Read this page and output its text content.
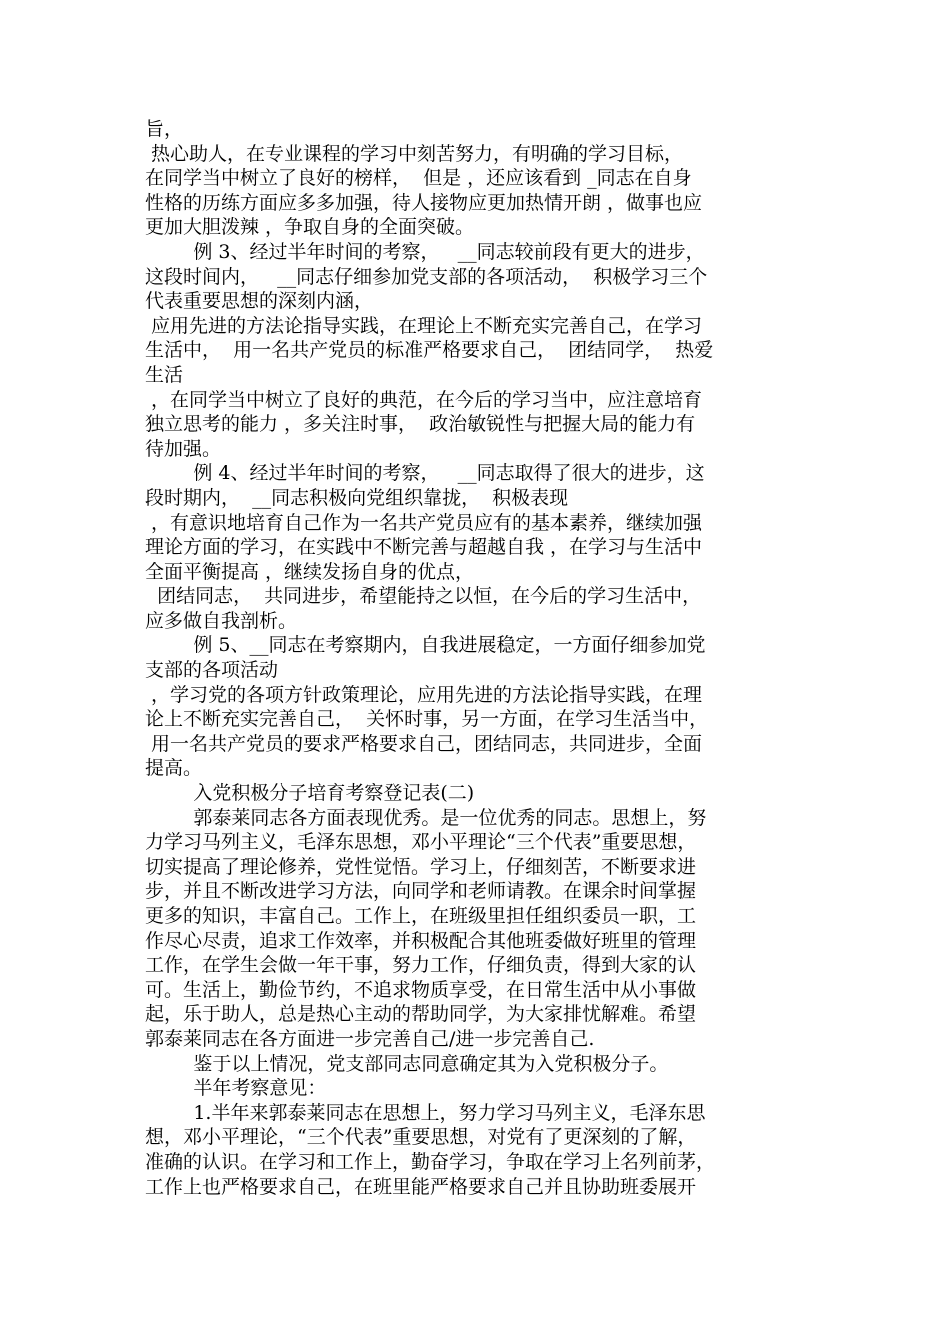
旨，
热心助人，在专业课程的学习中刻苦努力，有明确的学习目标，
在同学当中树立了良好的榜样，  但是 ，还应该看到 _同志在自身
性格的历练方面应多多加强，待人接物应更加热情开朗 ，做事也应
更加大胆泼辣 ，争取自身的全面突破。
例 3、经过半年时间的考察，   __同志较前段有更大的进步，
这段时间内，   __同志仔细参加党支部的各项活动，  积极学习三个
代表重要思想的深刻内涵，
应用先进的方法论指导实践，在理论上不断充实完善自己，在学习
生活中，  用一名共产党员的标准严格要求自己，  团结同学，  热爱
生活
，在同学当中树立了良好的典范，在今后的学习当中，应注意培育
独立思考的能力 ，多关注时事，  政治敏锐性与把握大局的能力有
待加强。
例 4、经过半年时间的考察，   __同志取得了很大的进步，这
段时期内，  __同志积极向党组织靠拢，  积极表现
，有意识地培育自己作为一名共产党员应有的基本素养，继续加强
理论方面的学习，在实践中不断完善与超越自我 ，在学习与生活中
全面平衡提高 ，继续发扬自身的优点，
团结同志，  共同进步，希望能持之以恒，在今后的学习生活中，
应多做自我剖析。
例 5、__同志在考察期内，自我进展稳定，一方面仔细参加党
支部的各项活动
，学习党的各项方针政策理论，应用先进的方法论指导实践，在理
论上不断充实完善自己，  关怀时事，另一方面，在学习生活当中，
用一名共产党员的要求严格要求自己，团结同志，共同进步，全面
提高。
入党积极分子培育考察登记表(二)
郭泰莱同志各方面表现优秀。是一位优秀的同志。思想上，努
力学习马列主义，毛泽东思想，邓小平理论“三个代表”重要思想，
切实提高了理论修养，党性觉悟。学习上，仔细刻苦，不断要求进
步，并且不断改进学习方法，向同学和老师请教。在课余时间掌握
更多的知识，丰富自己。工作上，在班级里担任组织委员一职，工
作尽心尽责，追求工作效率，并积极配合其他班委做好班里的管理
工作，在学生会做一年干事，努力工作，仔细负责，得到大家的认
可。生活上，勤俭节约，不追求物质享受，在日常生活中从小事做
起，乐于助人，总是热心主动的帮助同学，为大家排忧解难。希望
郭泰莱同志在各方面进一步完善自己/进一步完善自己.
鉴于以上情况，党支部同志同意确定其为入党积极分子。
半年考察意见：
1.半年来郭泰莱同志在思想上，努力学习马列主义，毛泽东思
想，邓小平理论，“三个代表”重要思想，对党有了更深刻的了解，
准确的认识。在学习和工作上，勤奋学习，争取在学习上名列前茅，
工作上也严格要求自己，在班里能严格要求自己并且协助班委展开
